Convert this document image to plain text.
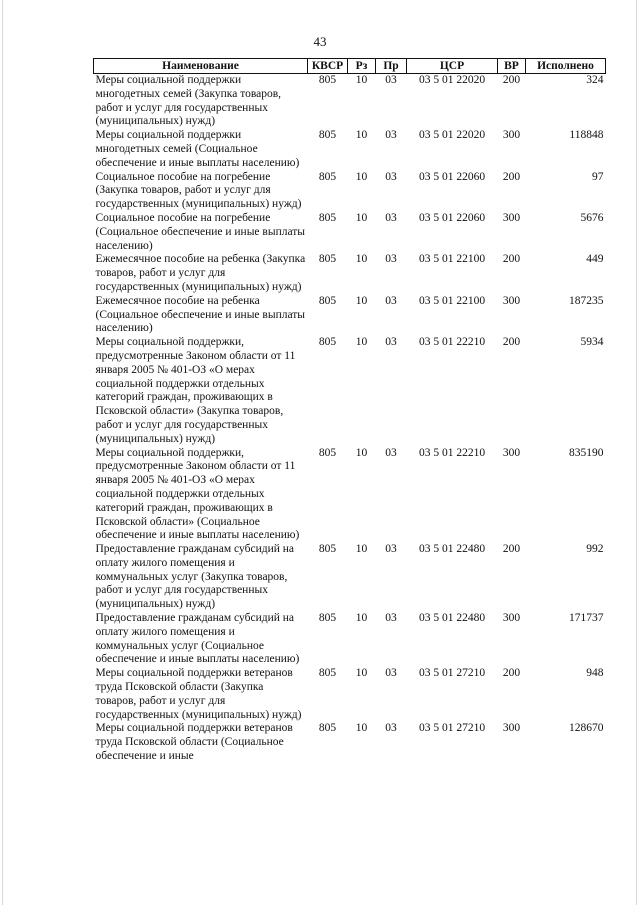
43
Наименование	КВСР	Рз	Пр	ЦСР	ВР	Исполнено
Меры социальной поддержки многодетных семей (Закупка товаров, работ и услуг для государственных (муниципальных) нужд)	805	10	03	03 5 01 22020	200	324
Меры социальной поддержки многодетных семей (Социальное обеспечение и иные выплаты населению)	805	10	03	03 5 01 22020	300	118848
Социальное пособие на погребение (Закупка товаров, работ и услуг для государственных (муниципальных) нужд)	805	10	03	03 5 01 22060	200	97
Социальное пособие на погребение (Социальное обеспечение и иные выплаты населению)	805	10	03	03 5 01 22060	300	5676
Ежемесячное пособие на ребенка (Закупка товаров, работ и услуг для государственных (муниципальных) нужд)	805	10	03	03 5 01 22100	200	449
Ежемесячное пособие на ребенка (Социальное обеспечение и иные выплаты населению)	805	10	03	03 5 01 22100	300	187235
Меры социальной поддержки, предусмотренные Законом области от 11 января 2005 № 401-ОЗ «О мерах социальной поддержки отдельных категорий граждан, проживающих в Псковской области» (Закупка товаров, работ и услуг для государственных (муниципальных) нужд)	805	10	03	03 5 01 22210	200	5934
Меры социальной поддержки, предусмотренные Законом области от 11 января 2005 № 401-ОЗ «О мерах социальной поддержки отдельных категорий граждан, проживающих в Псковской области» (Социальное обеспечение и иные выплаты населению)	805	10	03	03 5 01 22210	300	835190
Предоставление гражданам субсидий на оплату жилого помещения и коммунальных услуг (Закупка товаров, работ и услуг для государственных (муниципальных) нужд)	805	10	03	03 5 01 22480	200	992
Предоставление гражданам субсидий на оплату жилого помещения и коммунальных услуг (Социальное обеспечение и иные выплаты населению)	805	10	03	03 5 01 22480	300	171737
Меры социальной поддержки ветеранов труда Псковской области (Закупка товаров, работ и услуг для государственных (муниципальных) нужд)	805	10	03	03 5 01 27210	200	948
Меры социальной поддержки ветеранов труда Псковской области (Социальное обеспечение и иные	805	10	03	03 5 01 27210	300	128670
